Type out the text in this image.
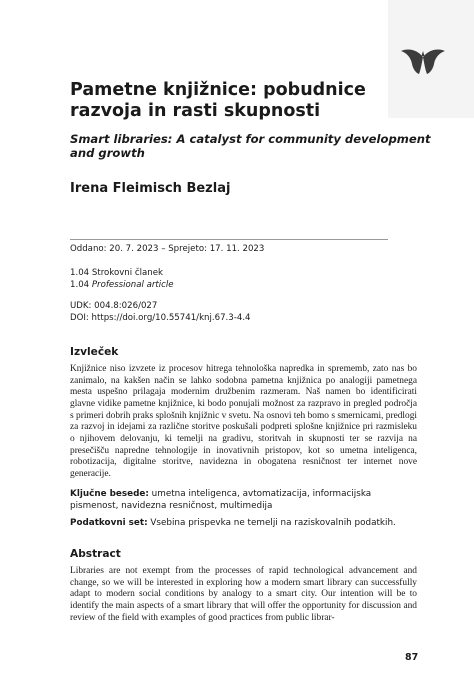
Pametne knjižnice: pobudnice razvoja in rasti skupnosti

Smart libraries: A catalyst for community development and growth

Irena Fleimisch Bezlaj

Oddano: 20. 7. 2023 – Sprejeto: 17. 11. 2023
1.04 Strokovni članek
1.04 Professional article
UDK: 004.8:026/027
DOI: https://doi.org/10.55741/knj.67.3-4.4
Izvleček

Knjižnice niso izvzete iz procesov hitrega tehnološka napredka in sprememb, zato nas bo zanimalo, na kakšen način se lahko sodobna pametna knjižnica po analogiji pametnega mesta uspešno prilagaja modernim družbenim razmeram. Naš namen bo identificirati glavne vidike pametne knjižnice, ki bodo ponujali možnost za razpravo in pregled področja s primeri dobrih praks splošnih knjižnic v svetu. Na osnovi teh bomo s smernicami, predlogi za razvoj in idejami za različne storitve poskušali podpreti splošne knjižnice pri razmisleku o njihovem delovanju, ki temelji na gradivu, storitvah in skupnosti ter se razvija na presečišču napredne tehnologije in inovativnih pristopov, kot so umetna inteligenca, robotizacija, digitalne storitve, navidezna in obogatena resničnost ter internet nove generacije.

Ključne besede: umetna inteligenca, avtomatizacija, informacijska pismenost, navidezna resničnost, multimedija

Podatkovni set: Vsebina prispevka ne temelji na raziskovalnih podatkih.

Abstract

Libraries are not exempt from the processes of rapid technological advancement and change, so we will be interested in exploring how a modern smart library can successfully adapt to modern social conditions by analogy to a smart city. Our intention will be to identify the main aspects of a smart library that will offer the opportunity for discussion and review of the field with examples of good practices from public librar-

87
